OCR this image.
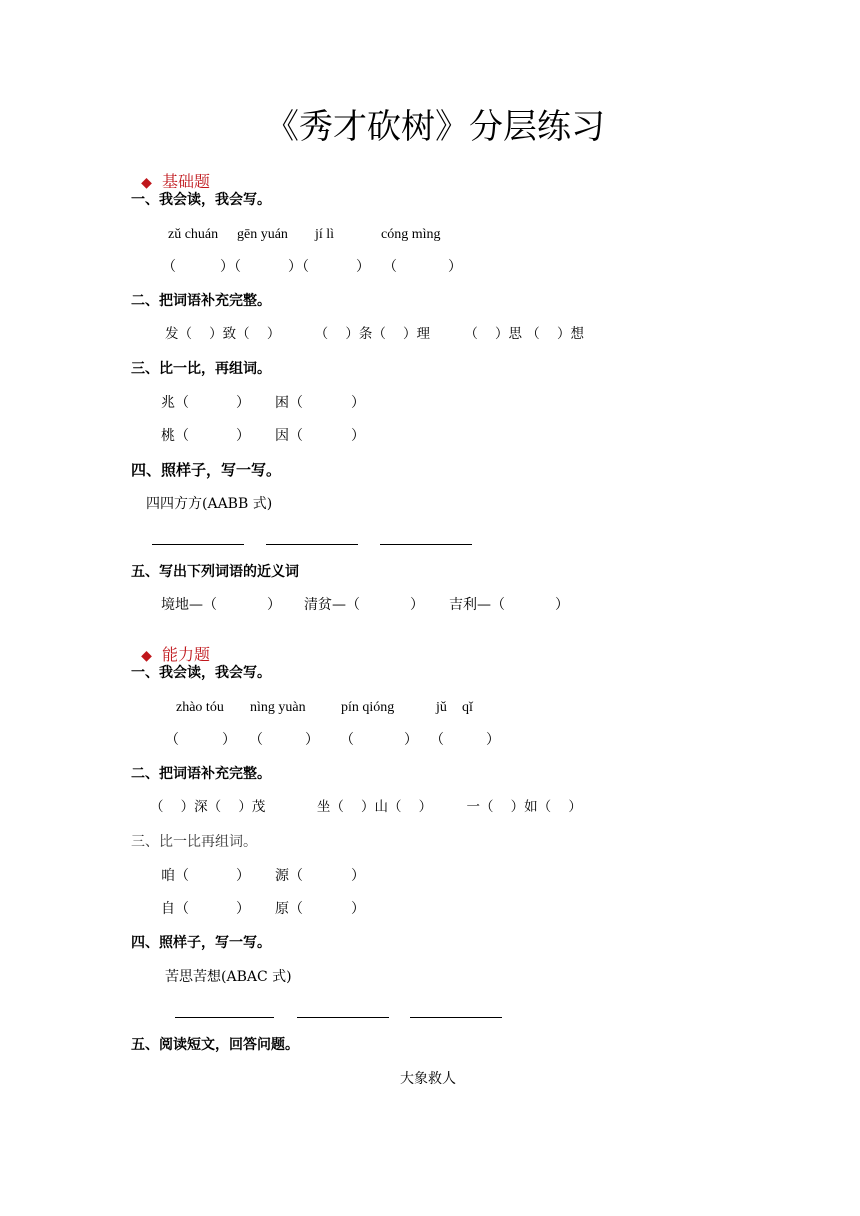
《秀才砍树》分层练习

◆ 基础题

一、我会读，我会写。
zǔ chuán gēn yuán jí lì	cóng mìng
（	）（	）（	） （	）
二、把词语补充完整。
发（    ）致（    ）        （    ）条（    ）理        （    ）思 （    ）想
三、比一比，再组词。
兆（	） 困（	）
桃（	） 因（	）
四、照样子，写一写。
四四方方(AABB 式)
五、写出下列词语的近义词
境地—（	） 清贫—（	） 吉利—（	）

◆ 能力题

一、我会读，我会写。
zhào tóu nìng yuàn	pín qióng	jǔ qǐ
（	） （	） （	） （	）
二、把词语补充完整。
（    ）深（    ）茂            坐（    ）山（    ）        一（    ）如（    ）
三、比一比再组词。
咱（	） 源（	）
自（	） 原（	）
四、照样子，写一写。
苦思苦想(ABAC 式)
五、阅读短文，回答问题。
大象救人
